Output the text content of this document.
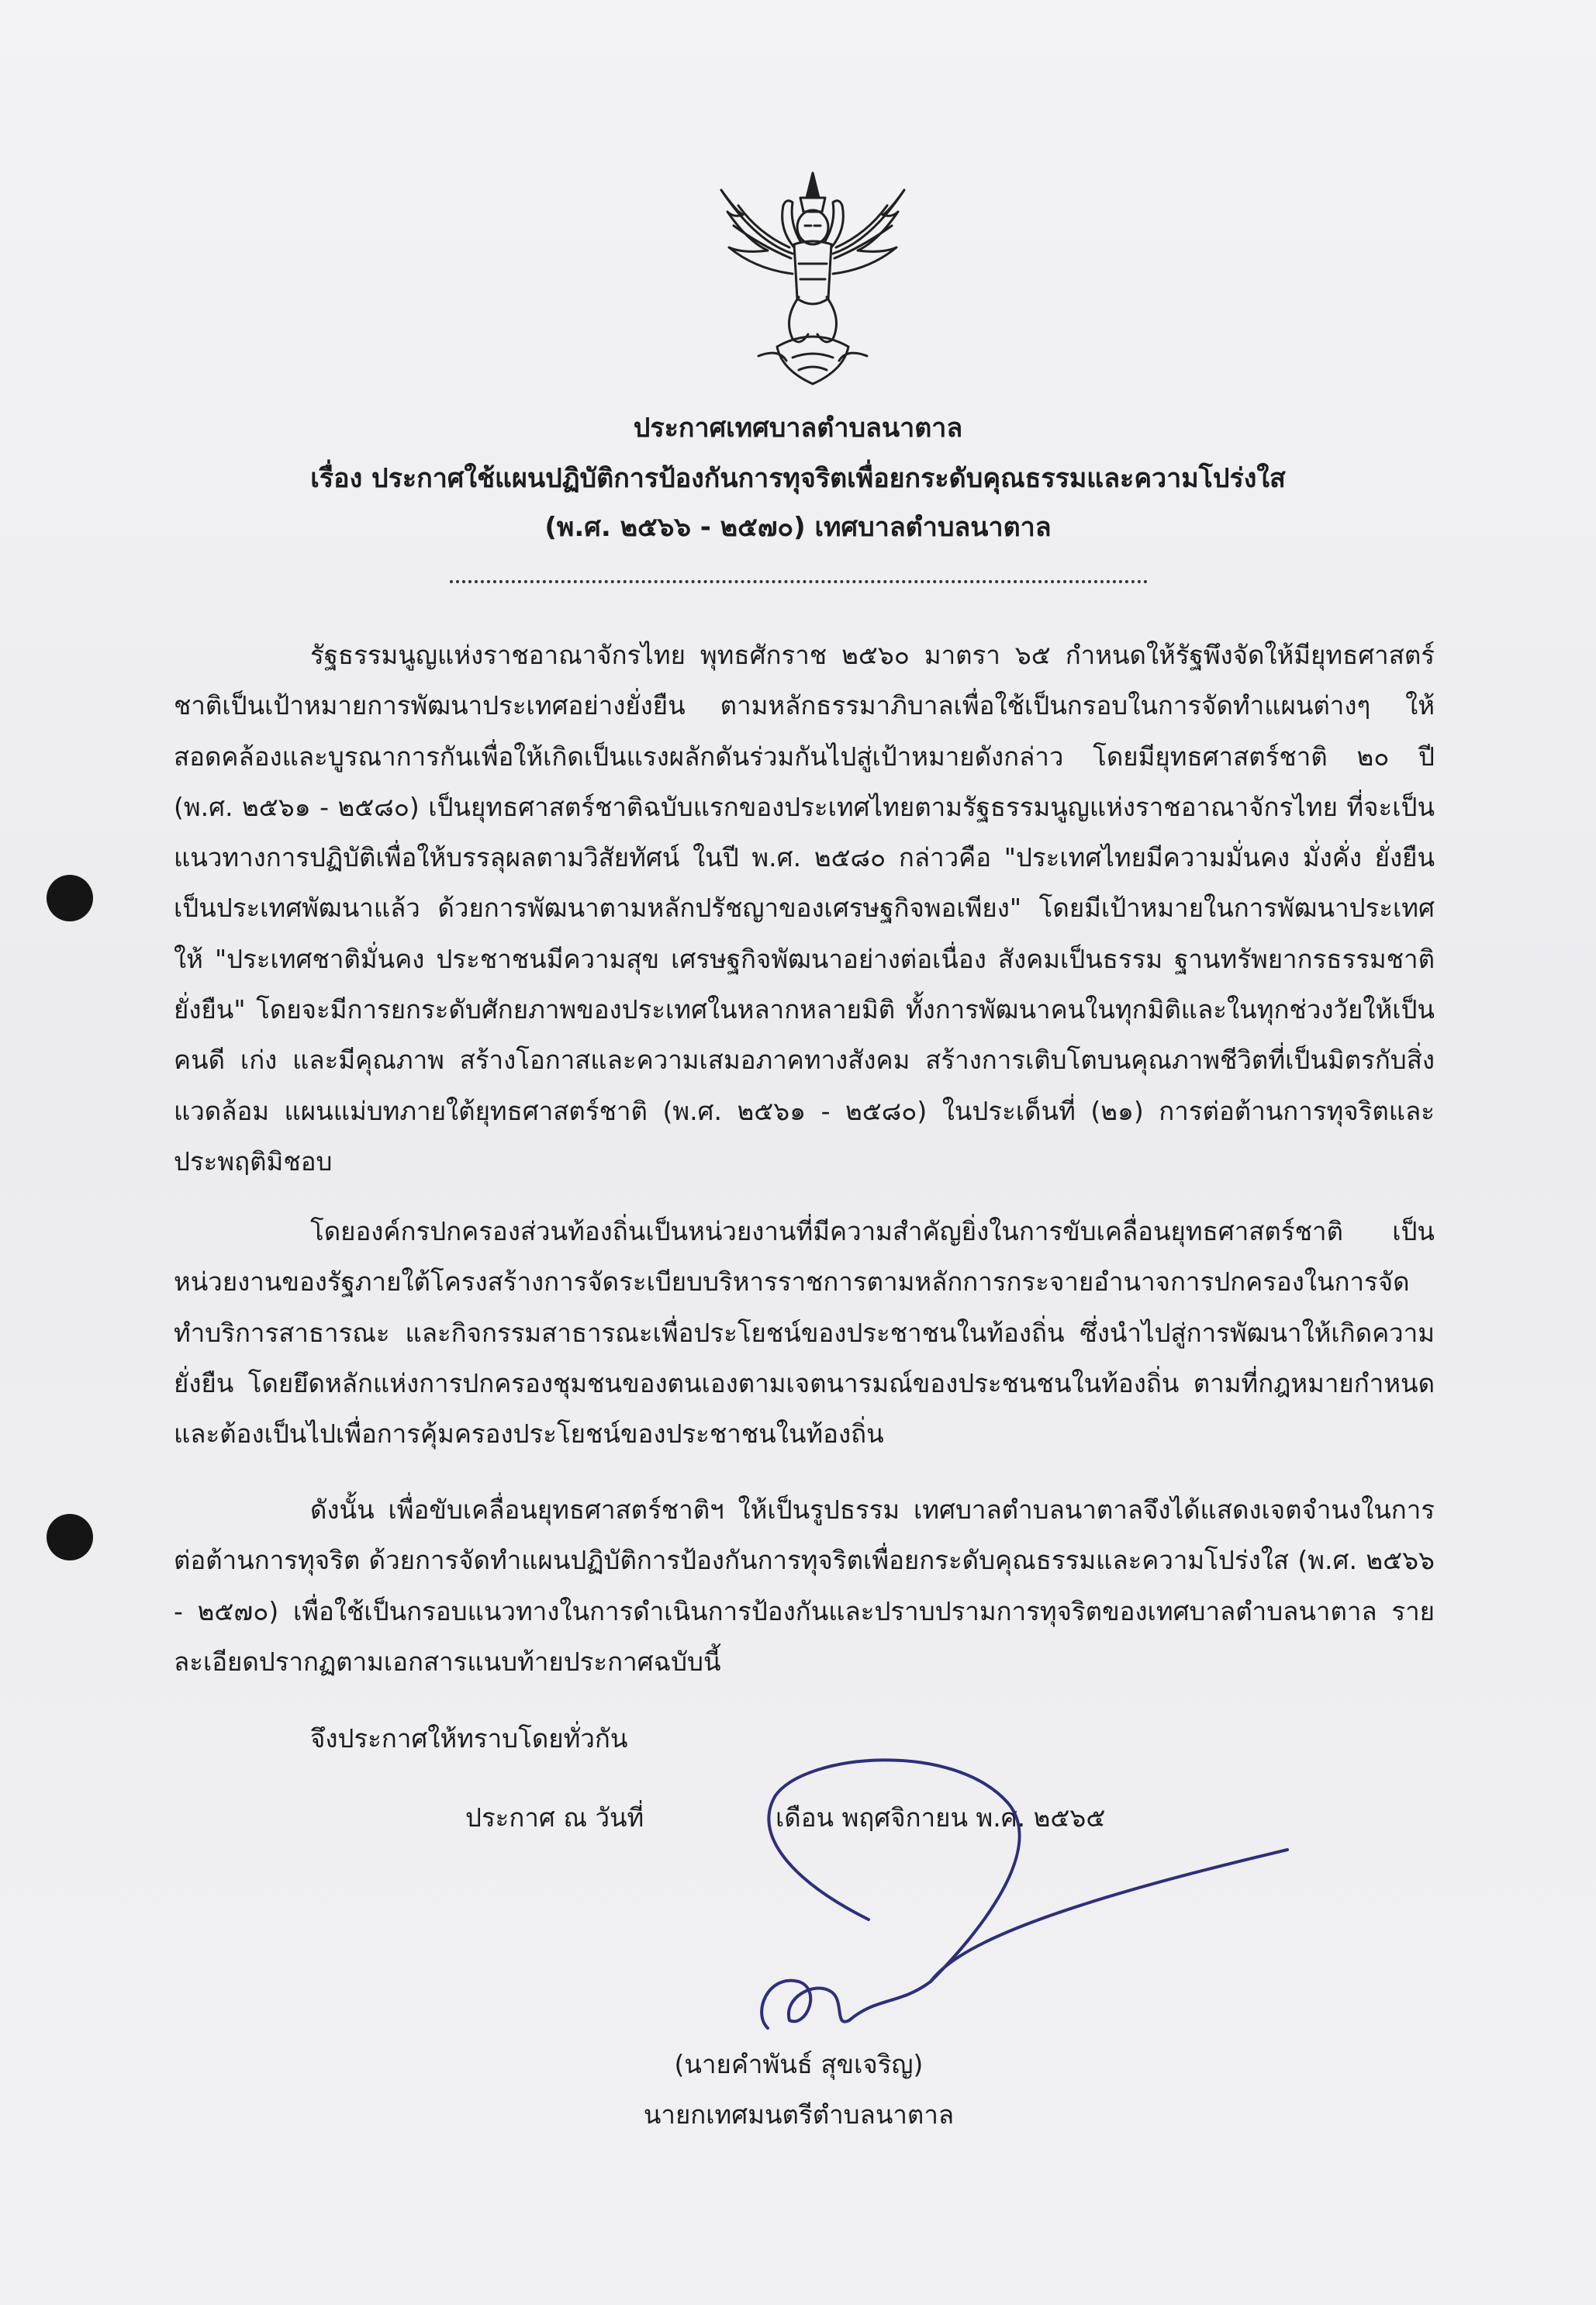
ประกาศเทศบาลตำบลนาตาล
เรื่อง ประกาศใช้แผนปฏิบัติการป้องกันการทุจริตเพื่อยกระดับคุณธรรมและความโปร่งใส
(พ.ศ. ๒๕๖๖ - ๒๕๗๐) เทศบาลตำบลนาตาล
รัฐธรรมนูญแห่งราชอาณาจักรไทย พุทธศักราช ๒๕๖๐ มาตรา ๖๕ กำหนดให้รัฐพึงจัดให้มียุทธศาสตร์ชาติเป็นเป้าหมายการพัฒนาประเทศอย่างยั่งยืน ตามหลักธรรมาภิบาลเพื่อใช้เป็นกรอบในการจัดทำแผนต่างๆ ให้สอดคล้องและบูรณาการกันเพื่อให้เกิดเป็นแรงผลักดันร่วมกันไปสู่เป้าหมายดังกล่าว โดยมียุทธศาสตร์ชาติ ๒๐ ปี (พ.ศ. ๒๕๖๑ - ๒๕๘๐) เป็นยุทธศาสตร์ชาติฉบับแรกของประเทศไทยตามรัฐธรรมนูญแห่งราชอาณาจักรไทย ที่จะเป็นแนวทางการปฏิบัติเพื่อให้บรรลุผลตามวิสัยทัศน์ ในปี พ.ศ. ๒๕๘๐ กล่าวคือ "ประเทศไทยมีความมั่นคง มั่งคั่ง ยั่งยืน เป็นประเทศพัฒนาแล้ว ด้วยการพัฒนาตามหลักปรัชญาของเศรษฐกิจพอเพียง" โดยมีเป้าหมายในการพัฒนาประเทศให้ "ประเทศชาติมั่นคง ประชาชนมีความสุข เศรษฐกิจพัฒนาอย่างต่อเนื่อง สังคมเป็นธรรม ฐานทรัพยากรธรรมชาติยั่งยืน" โดยจะมีการยกระดับศักยภาพของประเทศในหลากหลายมิติ ทั้งการพัฒนาคนในทุกมิติและในทุกช่วงวัยให้เป็นคนดี เก่ง และมีคุณภาพ สร้างโอกาสและความเสมอภาคทางสังคม สร้างการเติบโตบนคุณภาพชีวิตที่เป็นมิตรกับสิ่งแวดล้อม แผนแม่บทภายใต้ยุทธศาสตร์ชาติ (พ.ศ. ๒๕๖๑ - ๒๕๘๐) ในประเด็นที่ (๒๑) การต่อต้านการทุจริตและประพฤติมิชอบ
โดยองค์กรปกครองส่วนท้องถิ่นเป็นหน่วยงานที่มีความสำคัญยิ่งในการขับเคลื่อนยุทธศาสตร์ชาติ เป็นหน่วยงานของรัฐภายใต้โครงสร้างการจัดระเบียบบริหารราชการตามหลักการกระจายอำนาจการปกครองในการจัดทำบริการสาธารณะ และกิจกรรมสาธารณะเพื่อประโยชน์ของประชาชนในท้องถิ่น ซึ่งนำไปสู่การพัฒนาให้เกิดความยั่งยืน โดยยึดหลักแห่งการปกครองชุมชนของตนเองตามเจตนารมณ์ของประชนชนในท้องถิ่น ตามที่กฎหมายกำหนด และต้องเป็นไปเพื่อการคุ้มครองประโยชน์ของประชาชนในท้องถิ่น
ดังนั้น เพื่อขับเคลื่อนยุทธศาสตร์ชาติฯ ให้เป็นรูปธรรม เทศบาลตำบลนาตาลจึงได้แสดงเจตจำนงในการต่อต้านการทุจริต ด้วยการจัดทำแผนปฏิบัติการป้องกันการทุจริตเพื่อยกระดับคุณธรรมและความโปร่งใส (พ.ศ. ๒๕๖๖ - ๒๕๗๐) เพื่อใช้เป็นกรอบแนวทางในการดำเนินการป้องกันและปราบปรามการทุจริตของเทศบาลตำบลนาตาล รายละเอียดปรากฏตามเอกสารแนบท้ายประกาศฉบับนี้
จึงประกาศให้ทราบโดยทั่วกัน
ประกาศ ณ วันที่	เดือน พฤศจิกายน พ.ศ. ๒๕๖๕
(นายคำพันธ์ สุขเจริญ)
นายกเทศมนตรีตำบลนาตาล
